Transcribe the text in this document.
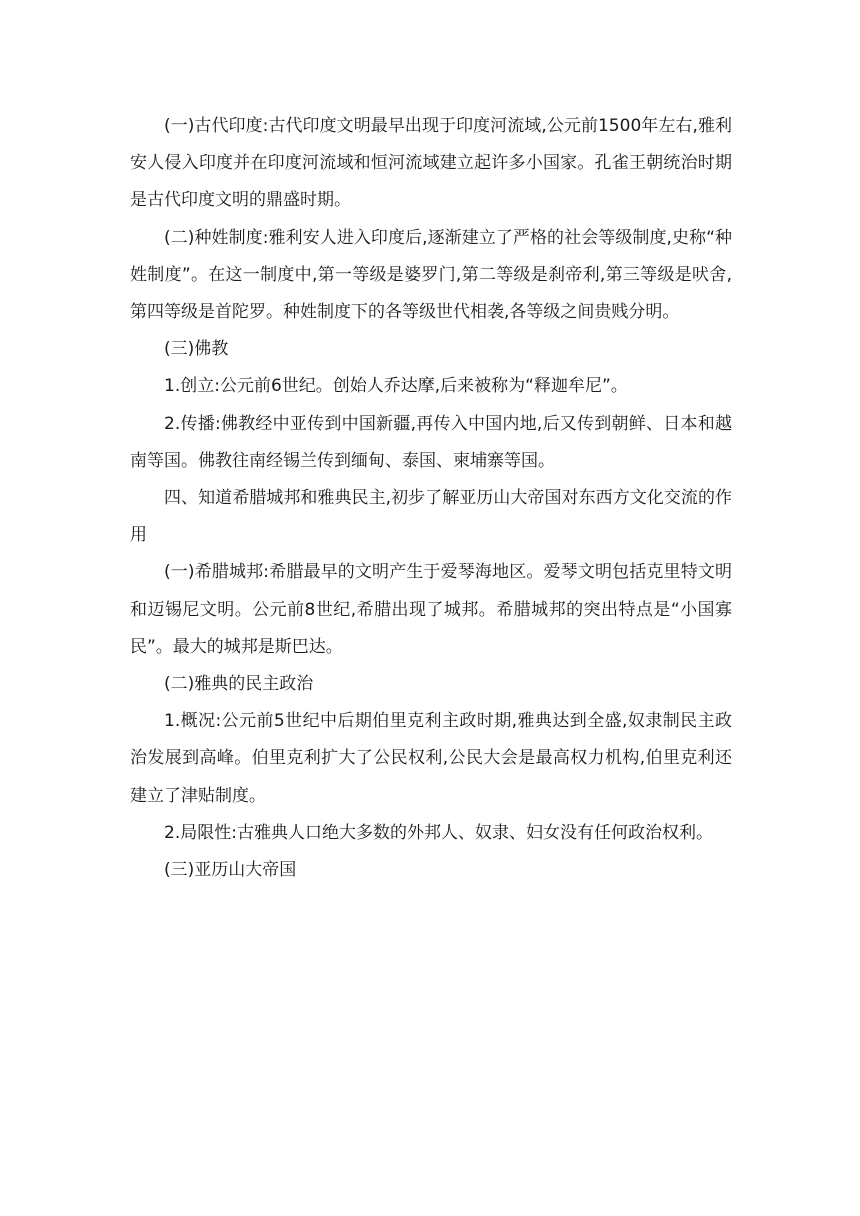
(一)古代印度:古代印度文明最早出现于印度河流域,公元前1500年左右,雅利安人侵入印度并在印度河流域和恒河流域建立起许多小国家。孔雀王朝统治时期是古代印度文明的鼎盛时期。

(二)种姓制度:雅利安人进入印度后,逐渐建立了严格的社会等级制度,史称“种姓制度”。在这一制度中,第一等级是婆罗门,第二等级是刹帝利,第三等级是吠舍,第四等级是首陀罗。种姓制度下的各等级世代相袭,各等级之间贵贱分明。

(三)佛教

1.创立:公元前6世纪。创始人乔达摩,后来被称为“释迦牟尼”。

2.传播:佛教经中亚传到中国新疆,再传入中国内地,后又传到朝鲜、日本和越南等国。佛教往南经锡兰传到缅甸、泰国、柬埔寨等国。

四、知道希腊城邦和雅典民主,初步了解亚历山大帝国对东西方文化交流的作用

(一)希腊城邦:希腊最早的文明产生于爱琴海地区。爱琴文明包括克里特文明和迈锡尼文明。公元前8世纪,希腊出现了城邦。希腊城邦的突出特点是“小国寡民”。最大的城邦是斯巴达。

(二)雅典的民主政治

1.概况:公元前5世纪中后期伯里克利主政时期,雅典达到全盛,奴隶制民主政治发展到高峰。伯里克利扩大了公民权利,公民大会是最高权力机构,伯里克利还建立了津贴制度。

2.局限性:古雅典人口绝大多数的外邦人、奴隶、妇女没有任何政治权利。

(三)亚历山大帝国
